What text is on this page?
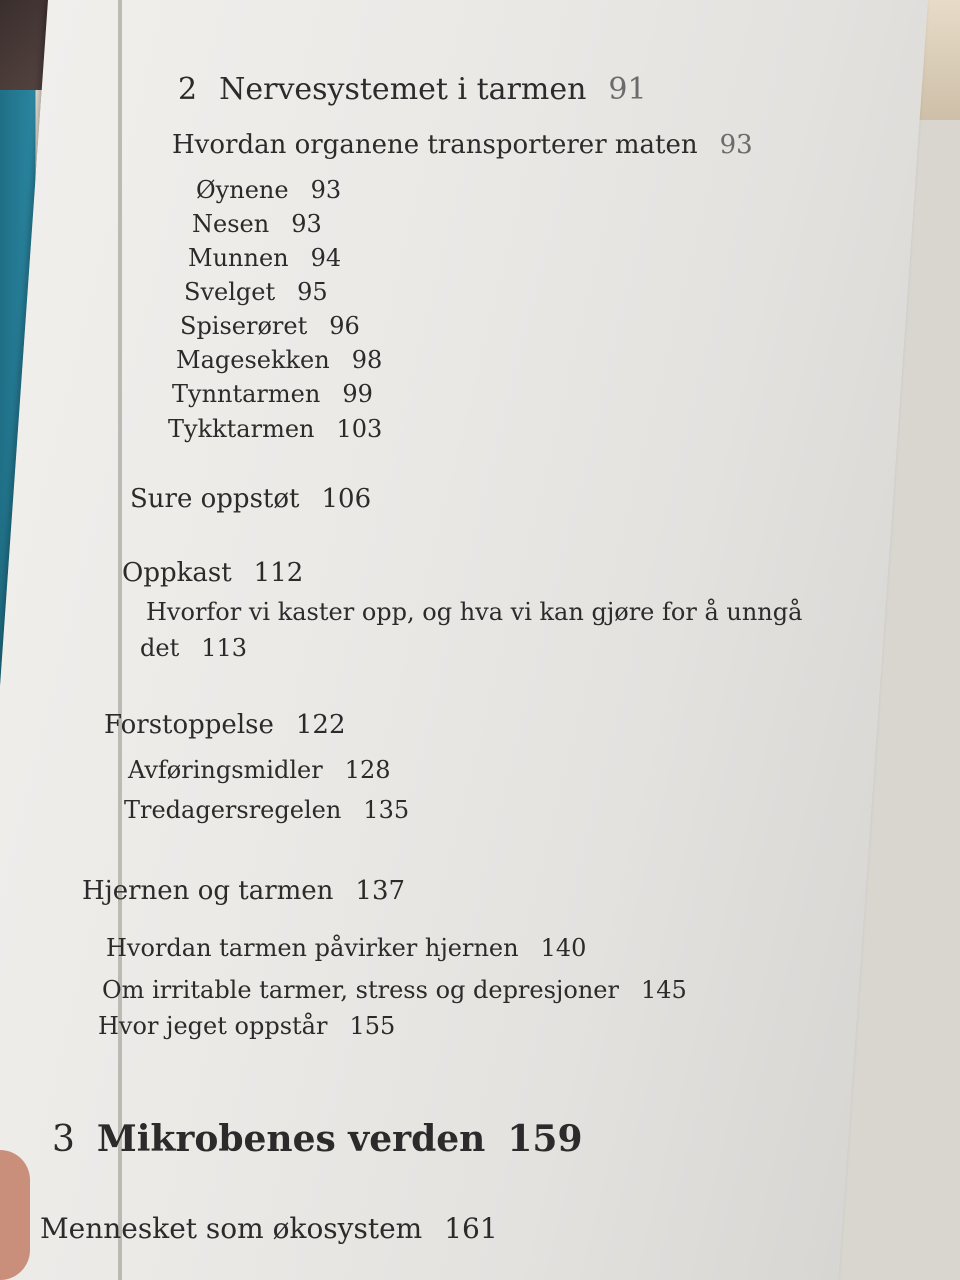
2 Nervesystemet i tarmen 91
Hvordan organene transporterer maten 93
Øynene 93
Nesen 93
Munnen 94
Svelget 95
Spiserøret 96
Magesekken 98
Tynntarmen 99
Tykktarmen 103
Sure oppstøt 106
Oppkast 112
Hvorfor vi kaster opp, og hva vi kan gjøre for å unngå
det 113
Forstoppelse 122
Avføringsmidler 128
Tredagersregelen 135
Hjernen og tarmen 137
Hvordan tarmen påvirker hjernen 140
Om irritable tarmer, stress og depresjoner 145
Hvor jeget oppstår 155
3 Mikrobenes verden 159
Mennesket som økosystem 161
